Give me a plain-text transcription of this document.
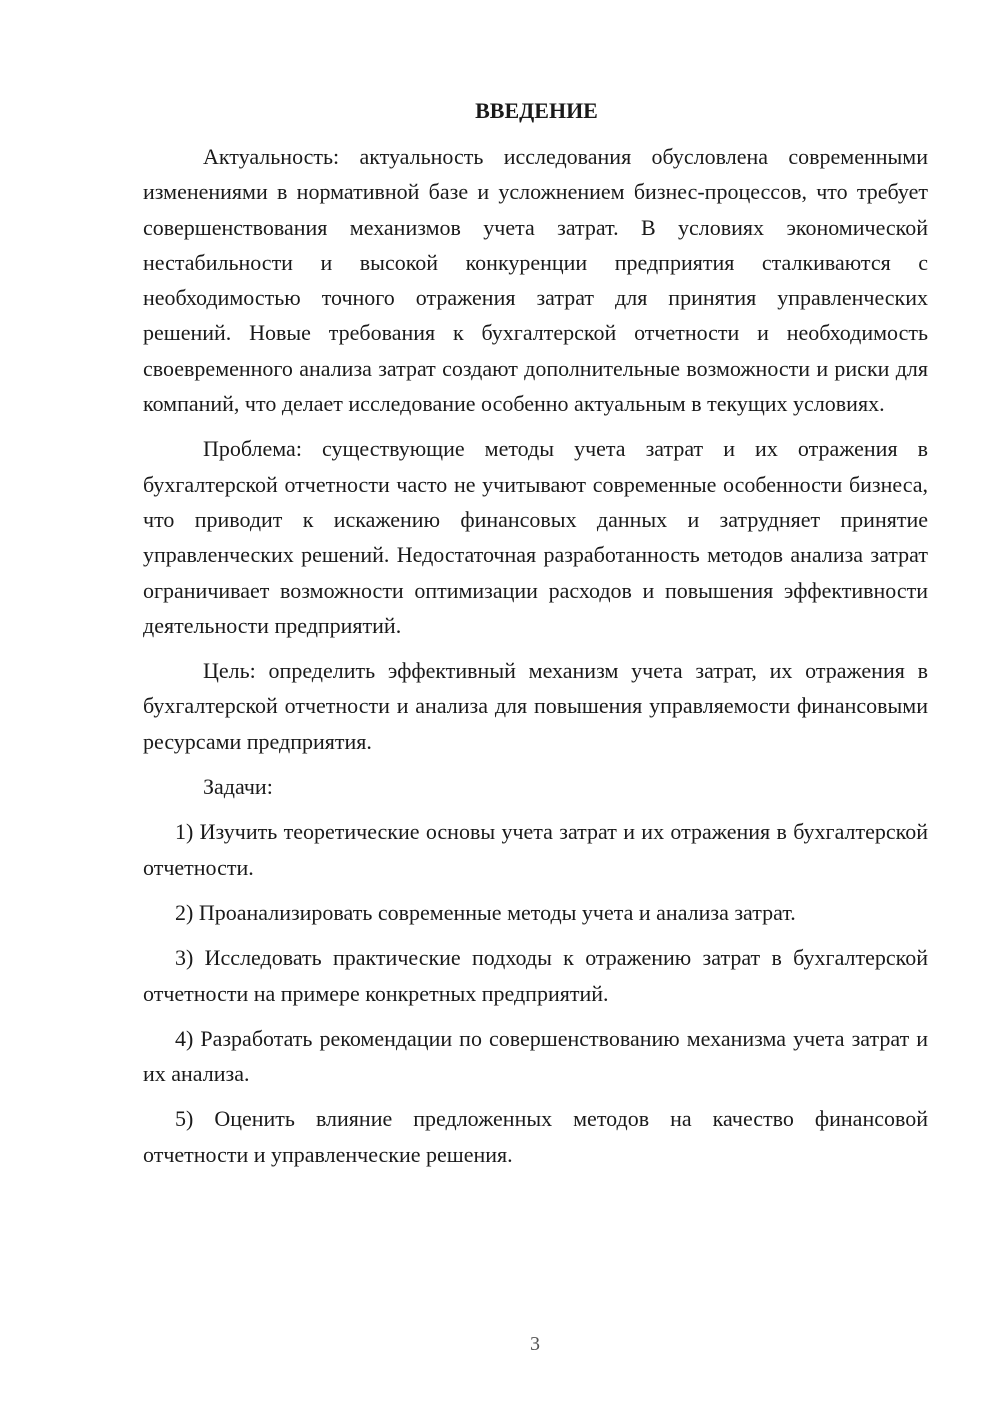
ВВЕДЕНИЕ

Актуальность: актуальность исследования обусловлена современными изменениями в нормативной базе и усложнением бизнес-процессов, что требует совершенствования механизмов учета затрат. В условиях экономической нестабильности и высокой конкуренции предприятия сталкиваются с необходимостью точного отражения затрат для принятия управленческих решений. Новые требования к бухгалтерской отчетности и необходимость своевременного анализа затрат создают дополнительные возможности и риски для компаний, что делает исследование особенно актуальным в текущих условиях.

Проблема: существующие методы учета затрат и их отражения в бухгалтерской отчетности часто не учитывают современные особенности бизнеса, что приводит к искажению финансовых данных и затрудняет принятие управленческих решений. Недостаточная разработанность методов анализа затрат ограничивает возможности оптимизации расходов и повышения эффективности деятельности предприятий.

Цель: определить эффективный механизм учета затрат, их отражения в бухгалтерской отчетности и анализа для повышения управляемости финансовыми ресурсами предприятия.

Задачи:

1) Изучить теоретические основы учета затрат и их отражения в бухгалтерской отчетности.

2) Проанализировать современные методы учета и анализа затрат.

3) Исследовать практические подходы к отражению затрат в бухгалтерской отчетности на примере конкретных предприятий.

4) Разработать рекомендации по совершенствованию механизма учета затрат и их анализа.

5) Оценить влияние предложенных методов на качество финансовой отчетности и управленческие решения.

3
